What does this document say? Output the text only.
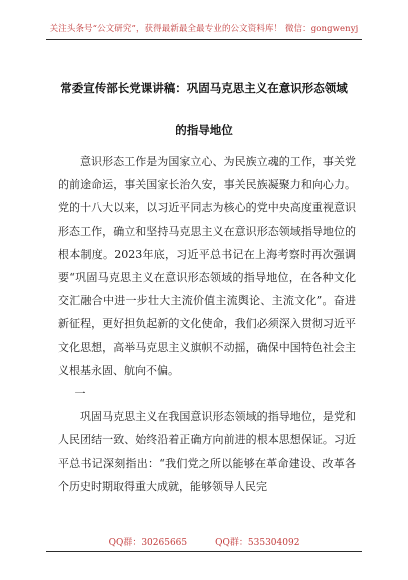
关注头条号“公文研究”，获得最新最全最专业的公文资料库！ 微信：gongwenyj
常委宣传部长党课讲稿：巩固马克思主义在意识形态领域
的指导地位

意识形态工作是为国家立心、为民族立魂的工作，事关党的前途命运，事关国家长治久安，事关民族凝聚力和向心力。党的十八大以来，以习近平同志为核心的党中央高度重视意识形态工作，确立和坚持马克思主义在意识形态领域指导地位的根本制度。2023年底，习近平总书记在上海考察时再次强调要“巩固马克思主义在意识形态领域的指导地位，在各种文化交汇融合中进一步壮大主流价值主流舆论、主流文化”。奋进新征程，更好担负起新的文化使命，我们必须深入贯彻习近平文化思想，高举马克思主义旗帜不动摇，确保中国特色社会主义根基永固、航向不偏。

一

巩固马克思主义在我国意识形态领域的指导地位，是党和人民团结一致、始终沿着正确方向前进的根本思想保证。习近平总书记深刻指出：“我们党之所以能够在革命建设、改革各个历史时期取得重大成就，能够领导人民完

QQ群：30265665	QQ群：535304092
